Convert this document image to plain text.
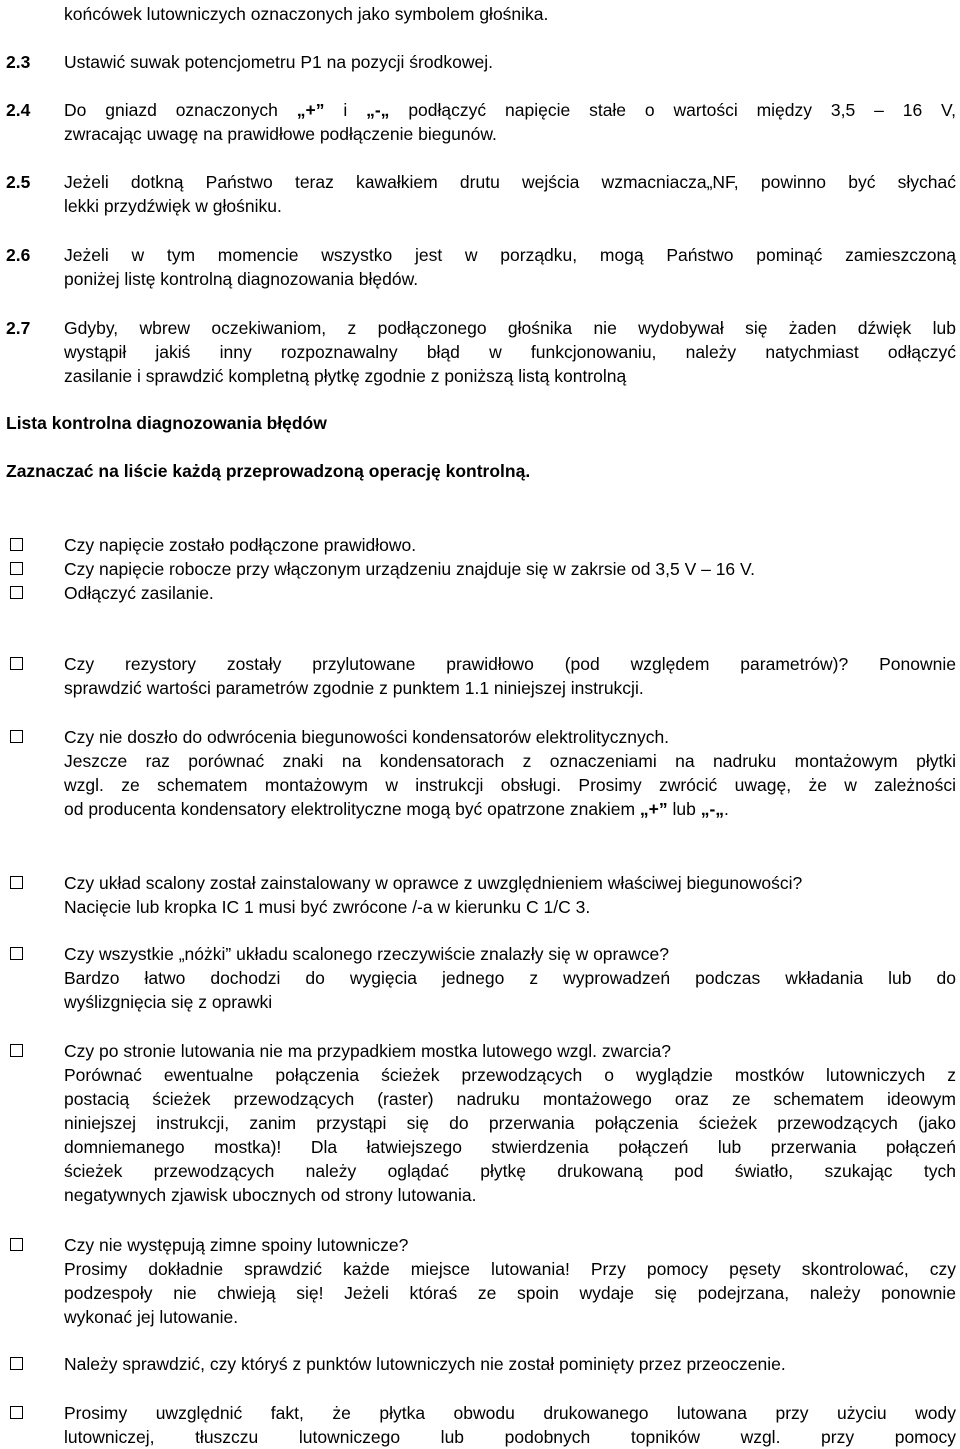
końcówek lutowniczych oznaczonych jako symbolem głośnika.

2.3 Ustawić suwak potencjometru P1 na pozycji środkowej.

2.4 Do gniazd oznaczonych „+” i „-„ podłączyć napięcie stałe o wartości między 3,5 – 16 V,

zwracając uwagę na prawidłowe podłączenie biegunów.

2.5 Jeżeli dotkną Państwo teraz kawałkiem drutu wejścia wzmacniacza„NF, powinno być słychać

lekki przydźwięk w głośniku.

2.6 Jeżeli w tym momencie wszystko jest w porządku, mogą Państwo pominąć zamieszczoną

poniżej listę kontrolną diagnozowania błędów.

2.7 Gdyby, wbrew oczekiwaniom, z podłączonego głośnika nie wydobywał się żaden dźwięk lub

wystąpił jakiś inny rozpoznawalny błąd w funkcjonowaniu, należy natychmiast odłączyć

zasilanie i sprawdzić kompletną płytkę zgodnie z poniższą listą kontrolną

Lista kontrolna diagnozowania błędów
Zaznaczać na liście każdą przeprowadzoną operację kontrolną.

Czy napięcie zostało podłączone prawidłowo.

Czy napięcie robocze przy włączonym urządzeniu znajduje się w zakrsie od 3,5 V – 16 V.

Odłączyć zasilanie.

Czy rezystory zostały przylutowane prawidłowo (pod względem parametrów)? Ponownie

sprawdzić wartości parametrów zgodnie z punktem 1.1 niniejszej instrukcji.

Czy nie doszło do odwrócenia biegunowości kondensatorów elektrolitycznych.

Jeszcze raz porównać znaki na kondensatorach z oznaczeniami na nadruku montażowym płytki

wzgl. ze schematem montażowym w instrukcji obsługi. Prosimy zwrócić uwagę, że w zależności

od producenta kondensatory elektrolityczne mogą być opatrzone znakiem „+” lub „-„.

Czy układ scalony został zainstalowany w oprawce z uwzględnieniem właściwej biegunowości?

Nacięcie lub kropka IC 1 musi być zwrócone /-a w kierunku C 1/C 3.

Czy wszystkie „nóżki” układu scalonego rzeczywiście znalazły się w oprawce?

Bardzo łatwo dochodzi do wygięcia jednego z wyprowadzeń podczas wkładania lub do

wyślizgnięcia się z oprawki

Czy po stronie lutowania nie ma przypadkiem mostka lutowego wzgl. zwarcia?

Porównać ewentualne połączenia ścieżek przewodzących o wyglądzie mostków lutowniczych z

postacią ścieżek przewodzących (raster) nadruku montażowego oraz ze schematem ideowym

niniejszej instrukcji, zanim przystąpi się do przerwania połączenia ścieżek przewodzących (jako

domniemanego mostka)! Dla łatwiejszego stwierdzenia połączeń lub przerwania połączeń

ścieżek przewodzących należy oglądać płytkę drukowaną pod światło, szukając tych

negatywnych zjawisk ubocznych od strony lutowania.

Czy nie występują zimne spoiny lutownicze?

Prosimy dokładnie sprawdzić każde miejsce lutowania! Przy pomocy pęsety skontrolować, czy

podzespoły nie chwieją się! Jeżeli któraś ze spoin wydaje się podejrzana, należy ponownie

wykonać jej lutowanie.

Należy sprawdzić, czy któryś z punktów lutowniczych nie został pominięty przez przeoczenie.

Prosimy uwzględnić fakt, że płytka obwodu drukowanego lutowana przy użyciu wody

lutowniczej, tłuszczu lutowniczego lub podobnych topników wzgl. przy pomocy
